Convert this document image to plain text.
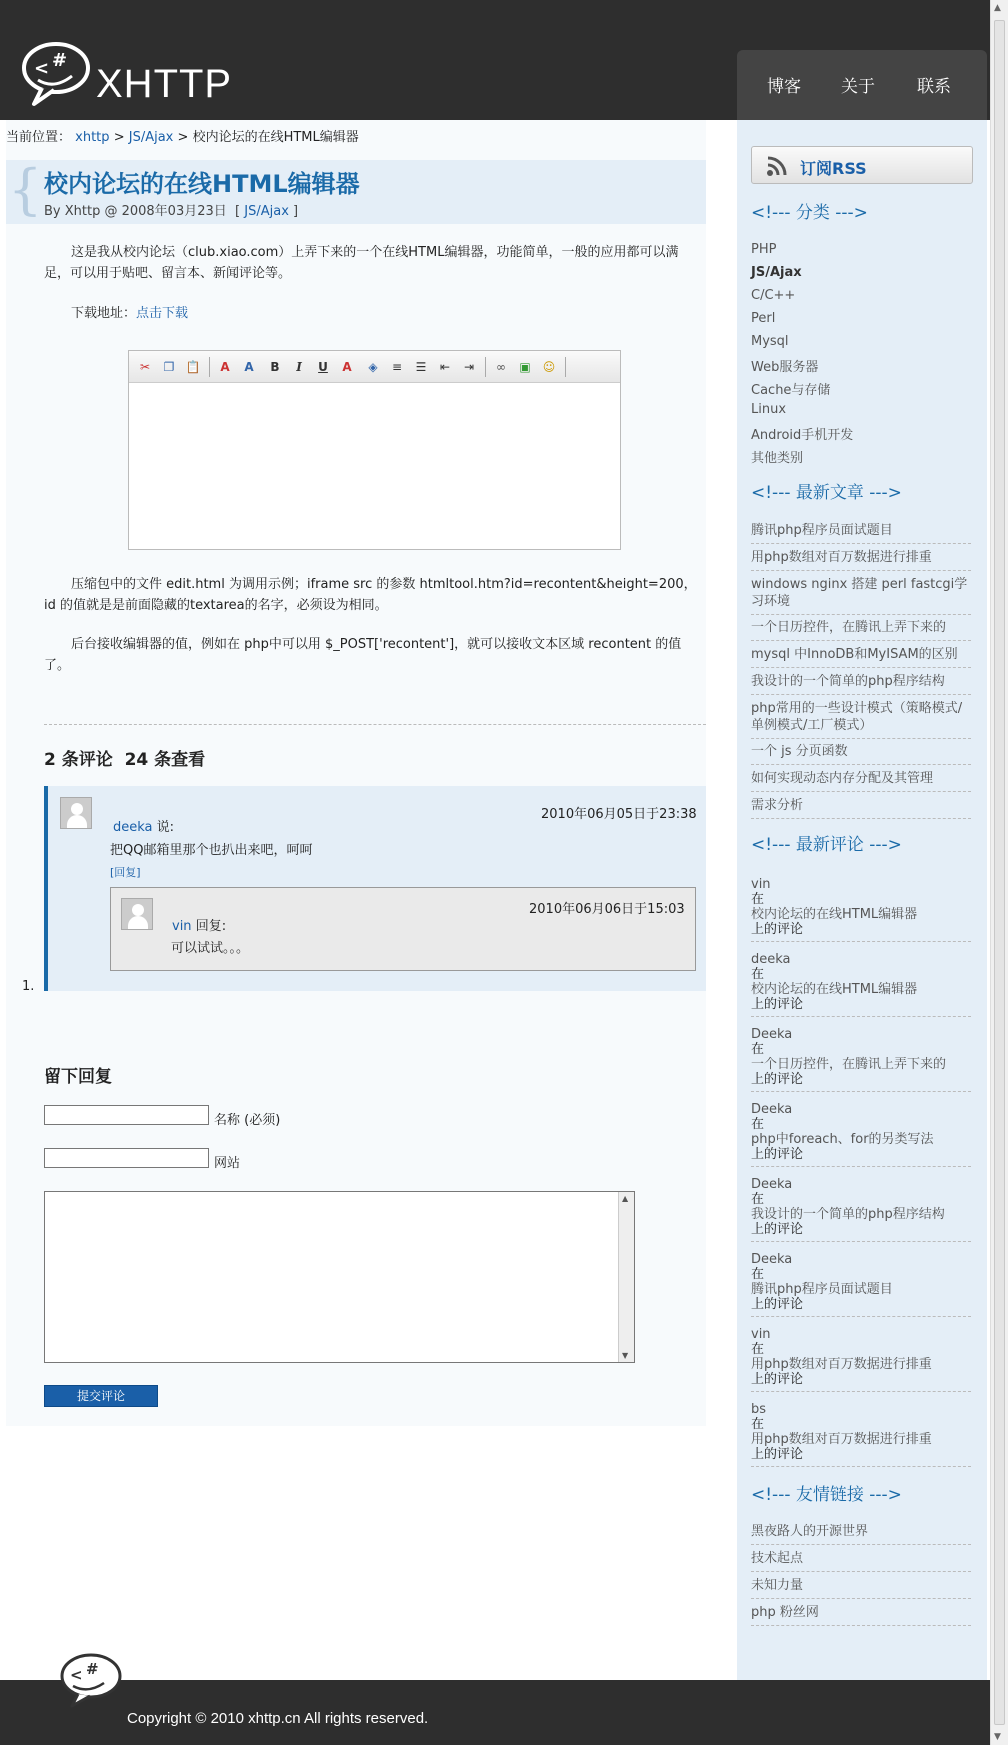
< #
XHTTP	博客 关于 联系
当前位置： xhttp > JS/Ajax > 校内论坛的在线HTML编辑器
{ 校内论坛的在线HTML编辑器
By Xhttp @ 2008年03月23日 [ JS/Ajax ]
这是我从校内论坛（club.xiao.com）上弄下来的一个在线HTML编辑器，功能简单，一般的应用都可以满足，可以用于贴吧、留言本、新闻评论等。
下载地址：点击下载
✂ ❐ 📋 A A B	I	U A ◈ ≡ ☰ ⇤ ⇥ ∞ ▣ ☺
压缩包中的文件 edit.html 为调用示例；iframe src 的参数 htmltool.htm?id=recontent&height=200，id 的值就是是前面隐藏的textarea的名字，必须设为相同。
后台接收编辑器的值，例如在 php中可以用 $_POST['recontent']，就可以接收文本区域 recontent 的值了。
2 条评论 24 条查看
2010年06月05日于23:38
deeka 说:
把QQ邮箱里那个也扒出来吧，呵呵
[回复]
2010年06月06日于15:03
vin 回复:
可以试试。。。
1.
留下回复
名称 (必须)
网站
▲
▼
提交评论
订阅RSS
<!--- 分类 --->
PHP
JS/Ajax
C/C++
Perl
Mysql
Web服务器
Cache与存储
Linux
Android手机开发
其他类别
<!--- 最新文章 --->
腾讯php程序员面试题目
用php数组对百万数据进行排重
windows nginx 搭建 perl fastcgi学习环境
一个日历控件，在腾讯上弄下来的
mysql 中InnoDB和MyISAM的区别
我设计的一个简单的php程序结构
php常用的一些设计模式（策略模式/单例模式/工厂模式）
一个 js 分页函数
如何实现动态内存分配及其管理
需求分析
<!--- 最新评论 --->
vin
在
校内论坛的在线HTML编辑器
上的评论
deeka
在
校内论坛的在线HTML编辑器
上的评论
Deeka
在
一个日历控件，在腾讯上弄下来的
上的评论
Deeka
在
php中foreach、for的另类写法
上的评论
Deeka
在
我设计的一个简单的php程序结构
上的评论
Deeka
在
腾讯php程序员面试题目
上的评论
vin
在
用php数组对百万数据进行排重
上的评论
bs
在
用php数组对百万数据进行排重
上的评论
<!--- 友情链接 --->
黑夜路人的开源世界
技术起点
未知力量
php 粉丝网
< #
Copyright © 2010 xhttp.cn All rights reserved.
▲
▼
